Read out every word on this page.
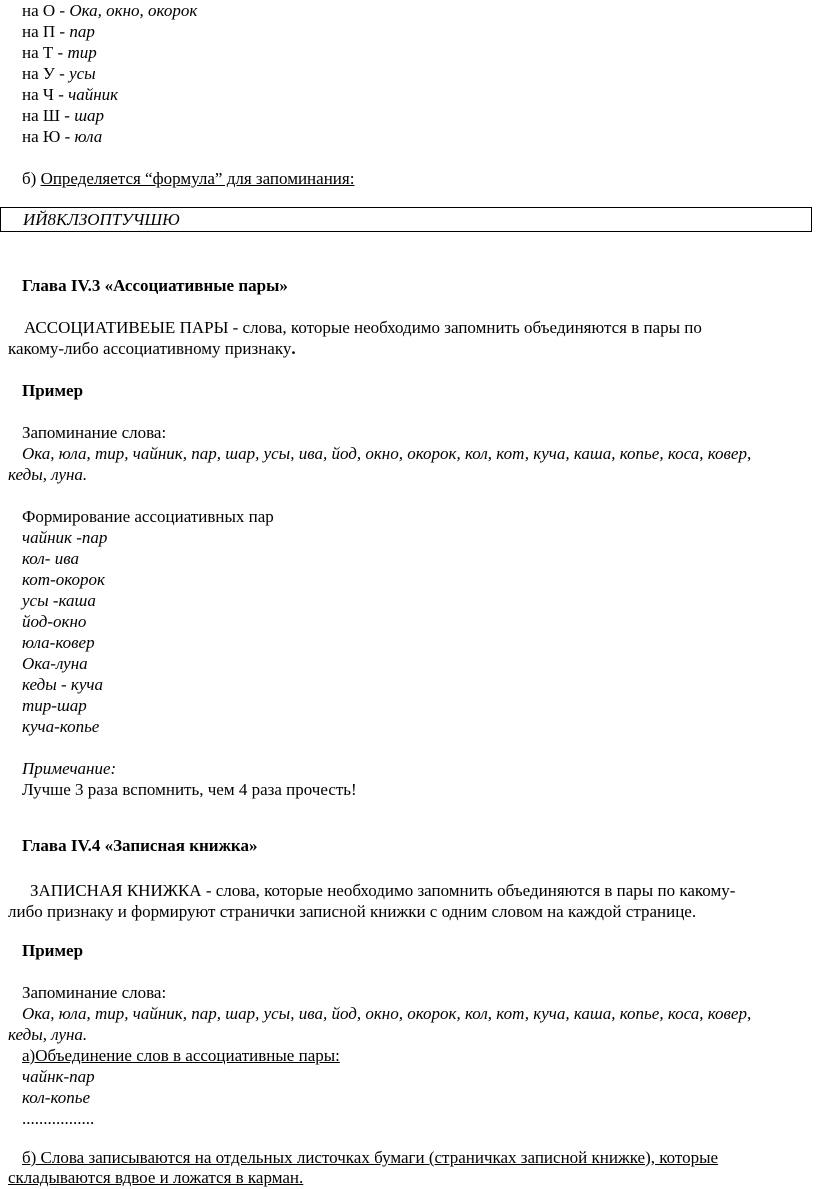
на О - Ока, окно, окорок
на П - пар
на Т - тир
на У - усы
на Ч - чайник
на Ш - шар
на Ю - юла
б) Определяется “формула” для запоминания:
ИЙ8КЛЗОПТУЧШЮ
Глава IV.3 «Ассоциативные пары»
АССОЦИАТИВЕЫЕ ПАРЫ - слова, которые необходимо запомнить объединяются в пары по
какому-либо ассоциативному признаку.
Пример
Запоминание слова:
Ока, юла, тир, чайник, пар, шар, усы, ива, йод, окно, окорок, кол, кот, куча, каша, копье, коса, ковер,
кеды, луна.
Формирование ассоциативных пар
чайник -пар
кол- ива
кот-окорок
усы -каша
йод-окно
юла-ковер
Ока-луна
кеды - куча
тир-шар
куча-копье
Примечание:
Лучше 3 раза вспомнить, чем 4 раза прочесть!
Глава IV.4 «Записная книжка»
ЗАПИСНАЯ КНИЖКА - слова, которые необходимо запомнить объединяются в пары по какому-
либо признаку и формируют странички записной книжки с одним словом на каждой странице.
Пример
Запоминание слова:
Ока, юла, тир, чайник, пар, шар, усы, ива, йод, окно, окорок, кол, кот, куча, каша, копье, коса, ковер,
кеды, луна.
а)Объединение слов в ассоциативные пары:
чайнк-пар
кол-копье
.................
б) Слова записываются на отдельных листочках бумаги (страничках записной книжке), которые
складываются вдвое и ложатся в карман.
